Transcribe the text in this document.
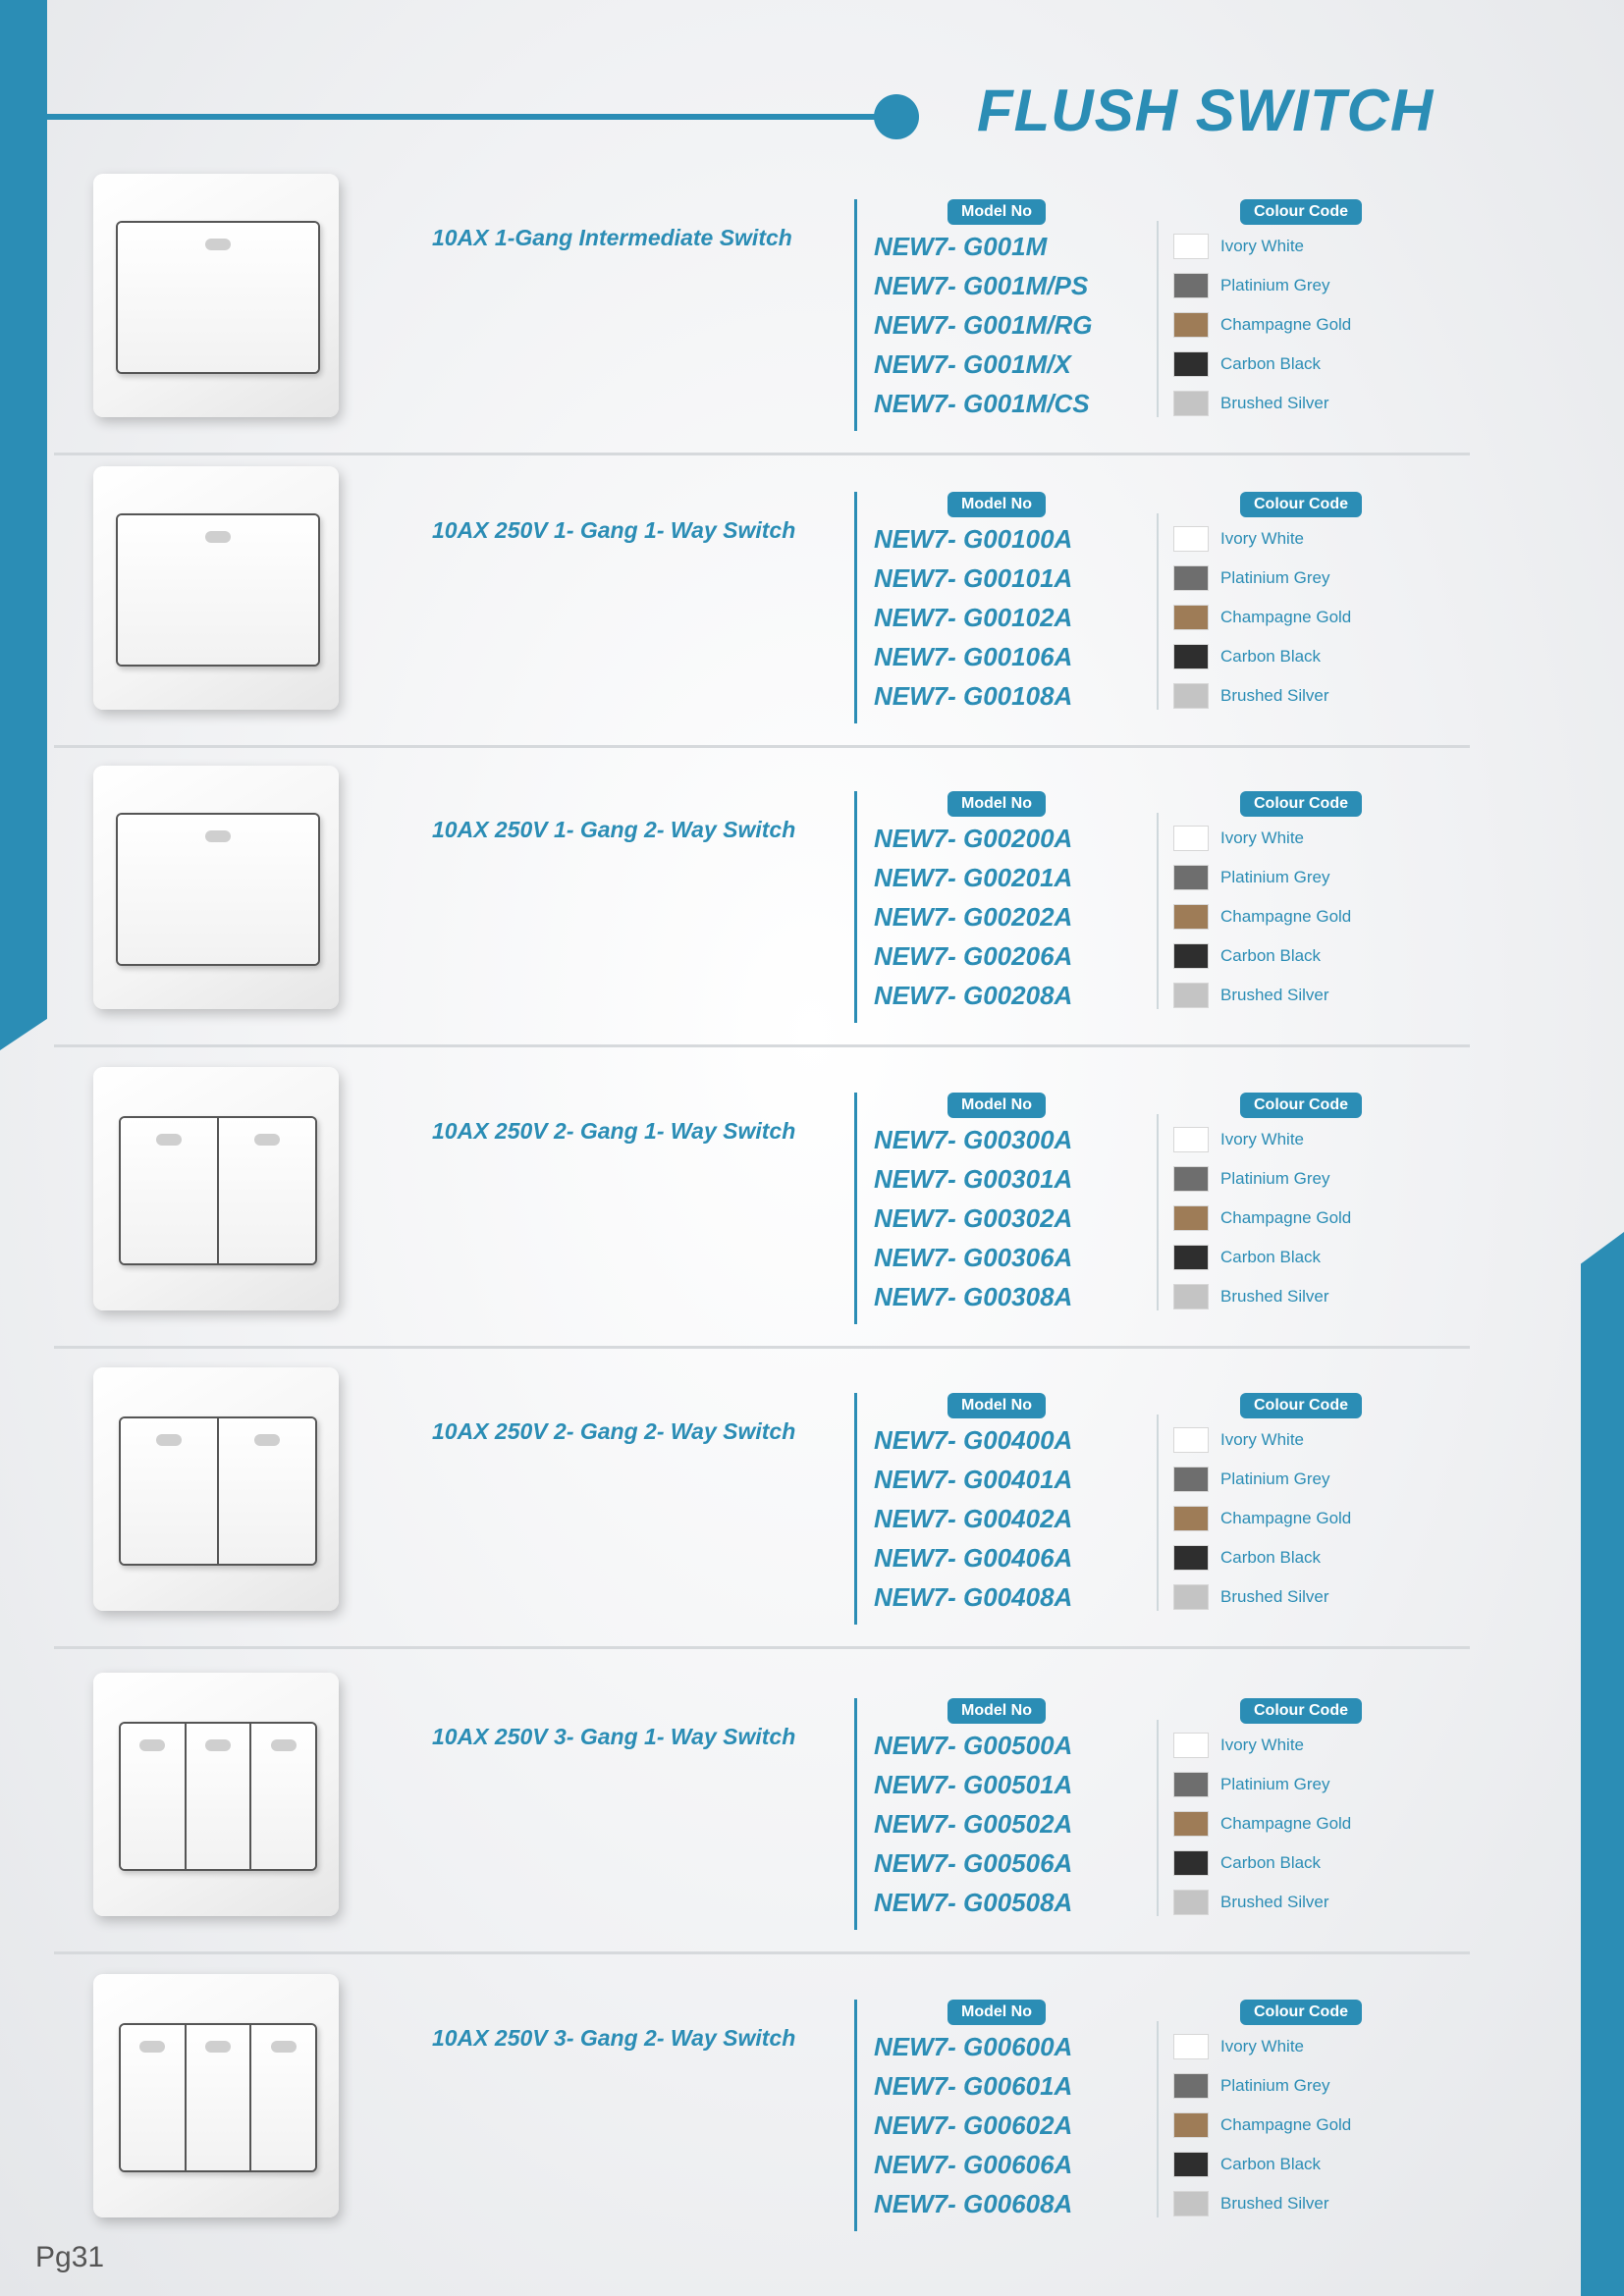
FLUSH SWITCH
10AX 1-Gang Intermediate Switch
Model No	Colour Code
NEW7- G001M
NEW7- G001M/PS
NEW7- G001M/RG
NEW7- G001M/X
NEW7- G001M/CS
Ivory White
Platinium Grey
Champagne Gold
Carbon Black
Brushed Silver
10AX 250V 1- Gang 1- Way Switch
Model No	Colour Code
NEW7- G00100A
NEW7- G00101A
NEW7- G00102A
NEW7- G00106A
NEW7- G00108A
Ivory White
Platinium Grey
Champagne Gold
Carbon Black
Brushed Silver
10AX 250V 1- Gang 2- Way Switch
Model No	Colour Code
NEW7- G00200A
NEW7- G00201A
NEW7- G00202A
NEW7- G00206A
NEW7- G00208A
Ivory White
Platinium Grey
Champagne Gold
Carbon Black
Brushed Silver
10AX 250V 2- Gang 1- Way Switch
Model No	Colour Code
NEW7- G00300A
NEW7- G00301A
NEW7- G00302A
NEW7- G00306A
NEW7- G00308A
Ivory White
Platinium Grey
Champagne Gold
Carbon Black
Brushed Silver
10AX 250V 2- Gang 2- Way Switch
Model No	Colour Code
NEW7- G00400A
NEW7- G00401A
NEW7- G00402A
NEW7- G00406A
NEW7- G00408A
Ivory White
Platinium Grey
Champagne Gold
Carbon Black
Brushed Silver
10AX 250V 3- Gang 1- Way Switch
Model No	Colour Code
NEW7- G00500A
NEW7- G00501A
NEW7- G00502A
NEW7- G00506A
NEW7- G00508A
Ivory White
Platinium Grey
Champagne Gold
Carbon Black
Brushed Silver
10AX 250V 3- Gang 2- Way Switch
Model No	Colour Code
NEW7- G00600A
NEW7- G00601A
NEW7- G00602A
NEW7- G00606A
NEW7- G00608A
Ivory White
Platinium Grey
Champagne Gold
Carbon Black
Brushed Silver
Pg31
